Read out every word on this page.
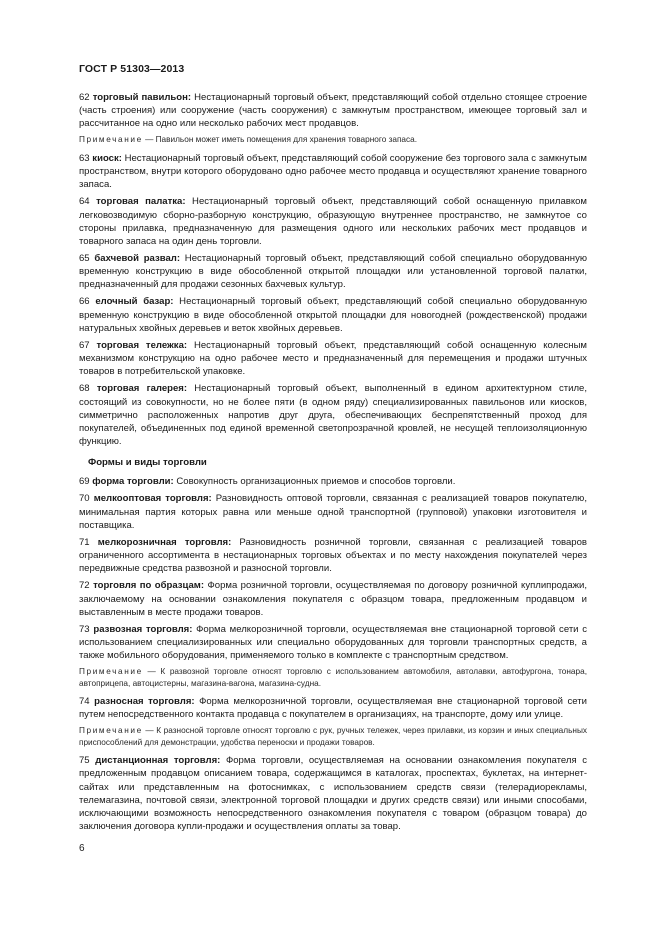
ГОСТ Р 51303—2013

62 торговый павильон: Нестационарный торговый объект, представляющий собой отдельно стоящее строение (часть строения) или сооружение (часть сооружения) с замкнутым пространством, имеющее торговый зал и рассчитанное на одно или несколько рабочих мест продавцов.

Примечание — Павильон может иметь помещения для хранения товарного запаса.

63 киоск: Нестационарный торговый объект, представляющий собой сооружение без торгового зала с замкнутым пространством, внутри которого оборудовано одно рабочее место продавца и осуществляют хранение товарного запаса.

64 торговая палатка: Нестационарный торговый объект, представляющий собой оснащенную прилавком легковозводимую сборно-разборную конструкцию, образующую внутреннее пространство, не замкнутое со стороны прилавка, предназначенную для размещения одного или нескольких рабочих мест продавцов и товарного запаса на один день торговли.

65 бахчевой развал: Нестационарный торговый объект, представляющий собой специально оборудованную временную конструкцию в виде обособленной открытой площадки или установленной торговой палатки, предназначенный для продажи сезонных бахчевых культур.

66 елочный базар: Нестационарный торговый объект, представляющий собой специально оборудованную временную конструкцию в виде обособленной открытой площадки для новогодней (рождественской) продажи натуральных хвойных деревьев и веток хвойных деревьев.

67 торговая тележка: Нестационарный торговый объект, представляющий собой оснащенную колесным механизмом конструкцию на одно рабочее место и предназначенный для перемещения и продажи штучных товаров в потребительской упаковке.

68 торговая галерея: Нестационарный торговый объект, выполненный в едином архитектурном стиле, состоящий из совокупности, но не более пяти (в одном ряду) специализированных павильонов или киосков, симметрично расположенных напротив друг друга, обеспечивающих беспрепятственный проход для покупателей, объединенных под единой временной светопрозрачной кровлей, не несущей теплоизоляционную функцию.

Формы и виды торговли

69 форма торговли: Совокупность организационных приемов и способов торговли.

70 мелкооптовая торговля: Разновидность оптовой торговли, связанная с реализацией товаров покупателю, минимальная партия которых равна или меньше одной транспортной (групповой) упаковки изготовителя и поставщика.

71 мелкорозничная торговля: Разновидность розничной торговли, связанная с реализацией товаров ограниченного ассортимента в нестационарных торговых объектах и по месту нахождения покупателей через передвижные средства развозной и разносной торговли.

72 торговля по образцам: Форма розничной торговли, осуществляемая по договору розничной куплипродажи, заключаемому на основании ознакомления покупателя с образцом товара, предложенным продавцом и выставленным в месте продажи товаров.

73 развозная торговля: Форма мелкорозничной торговли, осуществляемая вне стационарной торговой сети с использованием специализированных или специально оборудованных для торговли транспортных средств, а также мобильного оборудования, применяемого только в комплекте с транспортным средством.

Примечание — К развозной торговле относят торговлю с использованием автомобиля, автолавки, автофургона, тонара, автоприцепа, автоцистерны, магазина-вагона, магазина-судна.

74 разносная торговля: Форма мелкорозничной торговли, осуществляемая вне стационарной торговой сети путем непосредственного контакта продавца с покупателем в организациях, на транспорте, дому или улице.

Примечание — К разносной торговле относят торговлю с рук, ручных тележек, через прилавки, из корзин и иных специальных приспособлений для демонстрации, удобства переноски и продажи товаров.

75 дистанционная торговля: Форма торговли, осуществляемая на основании ознакомления покупателя с предложенным продавцом описанием товара, содержащимся в каталогах, проспектах, буклетах, на интернет-сайтах или представленным на фотоснимках, с использованием средств связи (телерадиорекламы, телемагазина, почтовой связи, электронной торговой площадки и других средств связи) или иными способами, исключающими возможность непосредственного ознакомления покупателя с товаром (образцом товара) до заключения договора купли-продажи и осуществления оплаты за товар.

6
